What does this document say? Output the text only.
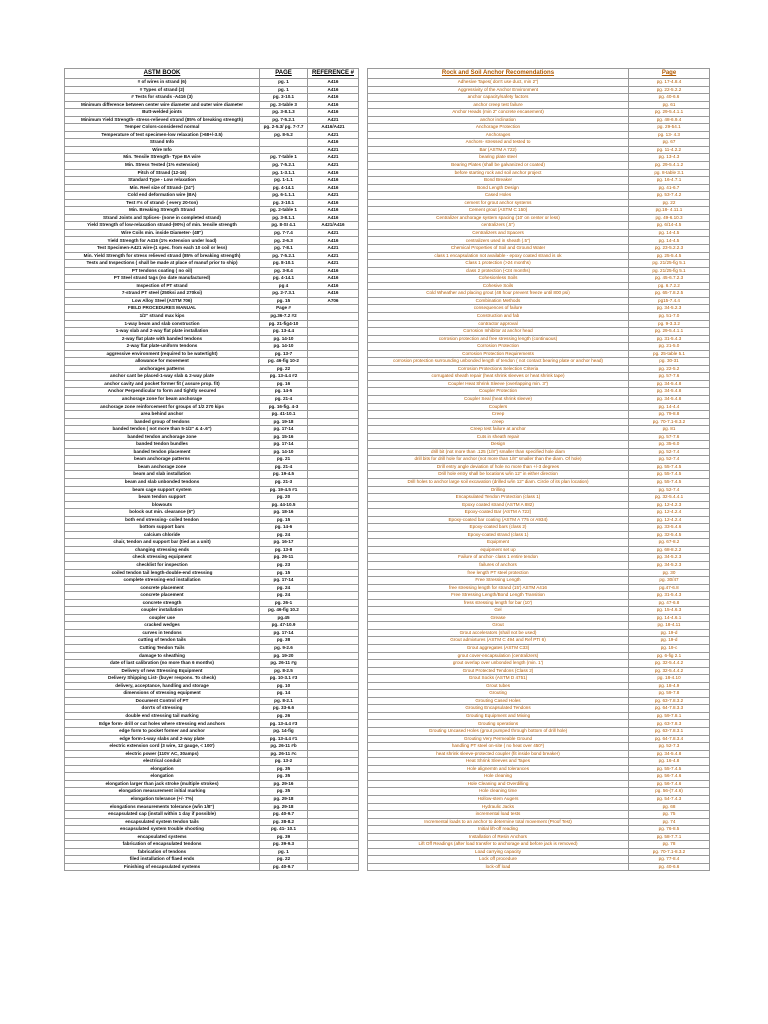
ASTM BOOK	PAGE	REFERENCE #		Rock and Soil Anchor Recomendations	Page
# of wires in strand (6)	pg. 1	A416		Adhesive Tapes( don't use duct, min 2")	pg. 17-4.8.4
# Types of strand (2)	pg. 1	A416		Aggressivity of the Anchor Environment	pg. 22-5.2.2
# Tests for strands -A416 (3)	pg. 3-10.1	A416		anchor capacity/safety factors	pg. 40-6.6
Minimum difference between center wire diameter and outer wire diameter	pg. 3-table 3	A416		anchor creep test failure	pg. 61
Butt-welded joints	pg. 3-8.1.3	A416		Anchor Heads (min 2" concrete encasement)	pg. 29-5.4.1.1
Minimum Yield Strength- stress-relieved strand (85% of breaking strength)	pg. 7-5.2.1	A421		anchor inclination	pg. 48-6.9.4
Temper Colors-considered normal	pg. 2-5.3/ pg. 7-7.7	A416/A421		Anchorage Protection	pg. 29-54.1
Temperature of test specimen-low relaxation (>68+/-3.5)	pg. 8-5.2	A421		Anchorages	pg. 13- 4.3
Strand Info		A416		Anchors- stressed and tested to	pg. 67
Wire Info		A421		Bar (ASTM A 722)	pg. 11-4.2.2
Min. Tensile Strength- Type BA wire	pg. 7-table 1	A421		bearing plate steel	pg. 13-4.3
Min. Stress Tested (1% extension)	pg. 7-5.2.1	A421		Bearing Plates (shall be galvanized or coated)	pg. 29-5.4.1.2
Pitch of Strand (12-16)	pg. 1-3.1.1	A416		before starting rock and soil anchor project	pg. 8-table 3.1
Standard Type - Low relaxation	pg. 1-1.1	A416		Bond Breaker	pg. 16-4.7.1
Min. Reel size of Strand- (24")	pg. 4-14.1	A416		Bond Length Design	pg. 41-6.7
Cold end deformation wire (BA)	pg. 6-1.1.1	A421		Cased Holes	pg. 53-7.4.2
Test #'s of strand- ( every 20-ton)	pg. 3-10.1	A416		cement for grout anchor systems	pg. 22
Min. Breaking Strength Strand	pg. 2-table 1	A416		Cement grout (ASTM C 150)	pg.18- 4.11.1
Strand Joints and Splices- (none in completed strand)	pg. 3-8.1.1	A416		Centralizer anchorage system spacing (10' on center or less)	pg. 49-6.10.3
Yield Strength of low-relaxation strand-(90%) of min. tensile strength	pg. 8-SI 4.1	A421/A416		centralizers (.5")	pg. 6/14-4.5
Wire Coils min. inside Diameter- (48")	pg. 7-7.4	A421		Centralizers and Spacers	pg. 14-4.5
Yield Strength for A416 (1% extension under load)	pg. 2-6.3	A416		centralizers used in sheath (.5")	pg. 14-4.5
Test Specimen-A421 wire-(1 spec. from each 10 coil or less)	pg. 7-8.1	A421		Chemical Properties of Soil and Ground Water	pg. 23-5.2.2.3
Min. Yield Strength for stress relieved strand (85% of breaking strength)	pg. 7-5.2.1	A421		class 1 encapsulation not available - epoxy coated strand is ok	pg. 25-5.4.5
Tests and Inspections ( shall be made at place of manuf prior to ship)	pg. 8-10.1	A421		Class 1 protection (>24 months)	pg. 21/25-fig 5.1
PT tendons coating ( no oil)	pg. 3-8.4	A416		class 2 protection (<24 months)	pg. 21/25-fig 5.1
PT Steel strand tags (no date manufactured)	pg. 4-14.1	A416		Cohesionless Soils	pg. 45-6.7.2.3
Inspection of PT strand	pg 4	A416		Cohesive Soils	pg. 6.7.2.2
7-strand PT steel (250ksi and 270ksi)	pg. 2-7.3.1	A416		Cold Wheather and placing grout (48 hour prevent freeze until 800 psi)	pg. 65-7.8.2.5
Low Alloy Steel (ASTM 706)	pg. 15	A706		Combination Methods	pg15-7.4.4
FIELD PROCEDURES MANUAL	Page #			consequences of failure	pg. 34-5.2.3
1/2" strand max kips	pg.36-7.2 #2			Construction and fab	pg. 51-7.0
1-way beam and slab construction	pg. 21-fig4-10			contractor approval	pg. 9-3.3.2
1-way slab and 2-way flat plate installation	pg. 13-4.4			Corrosion Inhibitor at anchor head	pg. 29-5.4.1.1
2-way flat plate with banded tendons	pg. 14-10			corrosion protection and free stressing length (continuous)	pg. 31-5.4.3
2-way flat plate-uniform tendons	pg. 14-10			Corrosion Protection	pg. 21-5.0
aggressive environment (required to be watertight)	pg. 13-7			Corrosion Protection Requirements	pg. 25-table 5.1
allowance for movement	pg. 46-fig 10-2			corrosion protection surrounding unbonded length of tendon ( not contact bearing plate or anchor head)	pg. 30-31
anchorages patterns	pg. 22			Corrosion Protections Selection Criteria	pg. 22-5.2
anchor cant be placed-1-way slab & 2-way plate	pg. 13-4.4 #2			corrugated sheath repair (heat shrink sleeves or heat shrink tape)	pg. 57-7.6
anchor cavity and pocket former fit ( assure prop. fit)	pg. 16			Coupler Heat Shrink Sleeve (overlapping min. 3")	pg. 34-5.4.8
Anchor Perpendicular to form and tightly secured	pg. 14-5			Coupler Protection	pg. 34-5.4.8
anchorage zone for beam anchorage	pg. 21-4			Coupler Seal (heat shrink sleeve)	pg. 34-5.4.8
anchorage zone reinforcement for groups of 1/2 270 kips	pg. 16-fig. 4-3			Couplers	pg. 14-4.4
area behind anchor	pg. 41-10.1			Creep	pg. 79-8.8
banded group of tendons	pg. 19-18			creep	pg. 70-7.1-8.3.2
banded tendon ( not more than 5-1/2" & 4-.6")	pg. 17-14			Creep test failure at anchor	pg. 81
banded tendon anchorage zone	pg. 15-16			Cuts in sheath repair	pg. 57-7.6
banded tendon bundles	pg. 17-14			Design	pg. 35-6.0
banded tendon placement	pg. 14-10			drill bit (not more than .125 (1/8") smaller than specified hole diam	pg. 52-7.4
beam anchorage patterns	pg. 21			drill bits for drill hole for anchor (not more than 1/8" smaller than the diam. Of hole)	pg. 52-7.4
beam anchorage zone	pg. 21-4			Drill entry angle deviation of hole no more than +/-3 degrees	pg. 55-7.4.5
beam and slab installation	pg. 19-4.5			Drill hole entry shall be locations w/in 12" in either direction	pg. 55-7.4.5
beam and slab unbonded tendons	pg. 21-3			Drill holes to anchor large soil excavation (drilled w/in 12" diam. Circle of its plan location)	pg. 55-7.4.5
beam cage support system	pg. 19-4.5 #1			Drilling	pg. 52-7.4
beam tendon support	pg. 20			Encapsulated Tendon Protection (class 1)	pg. 32-5.4.4.1
blowouts	pg. 44-10.5			Epoxy coated strand (ASTM A 882)	pg. 12-4.2.3
bolock out min. clearance (6")	pg. 18-16			Epoxy-coated Bar (ASTM A 722)	pg. 12-4.2.4
both end stressing- coiled tendon	pg. 15			Epoxy-coated bar coating (ASTM A 775 or A934)	pg. 12-4.2.4
bottom support bars	pg. 14-6			Epoxy-coated bars (class 2)	pg. 33-5.4.6
calcium chloride	pg. 24			Epoxy-coated strand (class 1)	pg. 32-5.4.5
chair, tendon and support bar (tied as a unit)	pg. 16-17			Equipment	pg. 67-8.2
changing stressing ends	pg. 13-8			equipment set up	pg. 68-8.2.2
check stressing equipment	pg. 26-11			Failure of anchor- class 1 entire tendon	pg. 34-5.2.3
checklist for inspection	pg. 23			failures of anchors	pg. 34-5.2.3
coiled tendon tail length-double-end stressing	pg. 15			free length PT steel protection	pg. 30
complete stressing-end installation	pg. 17-14			Free Stressing Length	pg. 30/47
concrete placement	pg. 24			free stressing length for strand (15') ASTM A416	pg.47-6.8
concrete placement	pg. 24			Free Stressing Length/Bond Length Transition	pg. 31-5.4.3
concrete strength	pg. 26-1			fress stressing length for bar (10')	pg. 47-6.8
coupler installation	pg. 46-fig 10.2			Gel	pg. 15-4.6.3
coupler use	pg.45			Grease	pg. 14-4.6.1
cracked wedges	pg. 47-10.9			Grout	pg. 18-4.11
curves in tendons	pg. 17-14			Grout accelerators (shall not be used)	pg. 19-d
cutting of tendon tails	pg. 38			Grout admixtures (ASTM C 494 and Ref PTI 6)	pg. 19-d
Cutting Tendon Tails	pg. 9-2.6			Grout aggregates (ASTM C33)	pg. 19-c
damage to sheathing	pg. 19-20			grout cover-encapsulation (centralizers)	pg. 6-fig 2.1
date of last calibration (no more than 6 months)	pg. 26-11 #g			grout overlap over unbonded length (min. 1')	pg. 32-5.4.4.2
Delivery of new Stressing Equipment	pg. 8-2.5			Grout Protected Tendons (Class 2)	pg. 32-5.4.4.2
Delivery Shipping List- (buyer respons. To check)	pg. 10-3.1 #3			Grout Socks (ASTM D 4751)	pg. 18-4.10
delivery, acceptance, handling and storage	pg. 10			Grout tubes	pg. 18-4.9
dimensions of stressing equipment	pg. 14			Grouting	pg. 59-7.8
Document Control of PT	pg. 8-2.1			Grouting Cased Holes	pg. 63-7.8.3.2
don'ts of stressing	pg. 33-6.6			Grouting Encapsulated Tendons	pg. 64-7.8.3.3
double end stressing tail marking	pg. 26			Grouting Equipment and Mixing	pg. 59-7.8.1
Edge form- drill or cut holes where stressing end anchors	pg. 13-4.4 #3			Grouting operations	pg. 63-7.8.3
edge form to pocket former and anchor	pg. 14-fig			Grouting Uncased Holes (grout pumped through bottom of drill hole)	pg. 63-7.8.3.1
edge form-1-way slabs and 2-way plate	pg. 13-4.4 #1			Grouting Very Permeable Ground	pg. 64-7.8.3.4
electric extension cord (3 wire, 12 gauge, < 100')	pg. 26-11 #b			handling PT steel on-site ( no heat over 450*)	pg. 52-7.3
electric power (110V AC, 30amps)	pg. 26-11 #c			heat shrink sleeve-protected coupler (fit inside bond breaker)	pg. 34-5.4.8
electrical conduit	pg. 13-2			Heat Shrink Sleeves and Tapes	pg. 16-4.8
elongation	pg. 35			Hole alignemtn and tolerances	pg. 55-7.4.5
elongation	pg. 35			Hole cleaning	pg. 56-7.4.6
elongation larger than jack stroke (multiple strokes)	pg. 29-16			Hole Cleaning and Overdilling	pg. 56-7.4.6
elongation measurement initial marking	pg. 35			Hole cleaning time	pg. 56-(7.4.6)
elongation tolerance (+/- 7%)	pg. 29-18			Hollow-stem Augers	pg. 54-7.4.3
elongations measurements tolerance (w/in 1/8")	pg. 29-18			Hydraulic Jacks	pg. 68
encapsulated cap (install within 1 day if possible)	pg. 40-9.7			incremental load tests	pg. 75
encapsulated system tendon tails	pg. 38-8.2			Incremental loads to an anchor to determine total movement (Proof Test)	pg. 74
encapsulated system trouble shooting	pg. 41- 10.1			Initial lift-off reading	pg. 76-8.5
encapsulated systems	pg. 39			Installation of Resin Anchors	pg. 58-7.7.1
fabrication of encapsulated tendons	pg. 39-9.3			Lift Off Readings (after load transfer to anchorage and before jack is removed)	pg. 78
fabrication of tendons	pg. 1			Load carrying capacity	pg. 70-7.1-8.3.2
filed installation of flaed ends	pg. 22			Lock off procedure	pg. 77-8.4
Finishing of encapsulated systems	pg. 40-9.7			lock-off load	pg. 40-6.6
